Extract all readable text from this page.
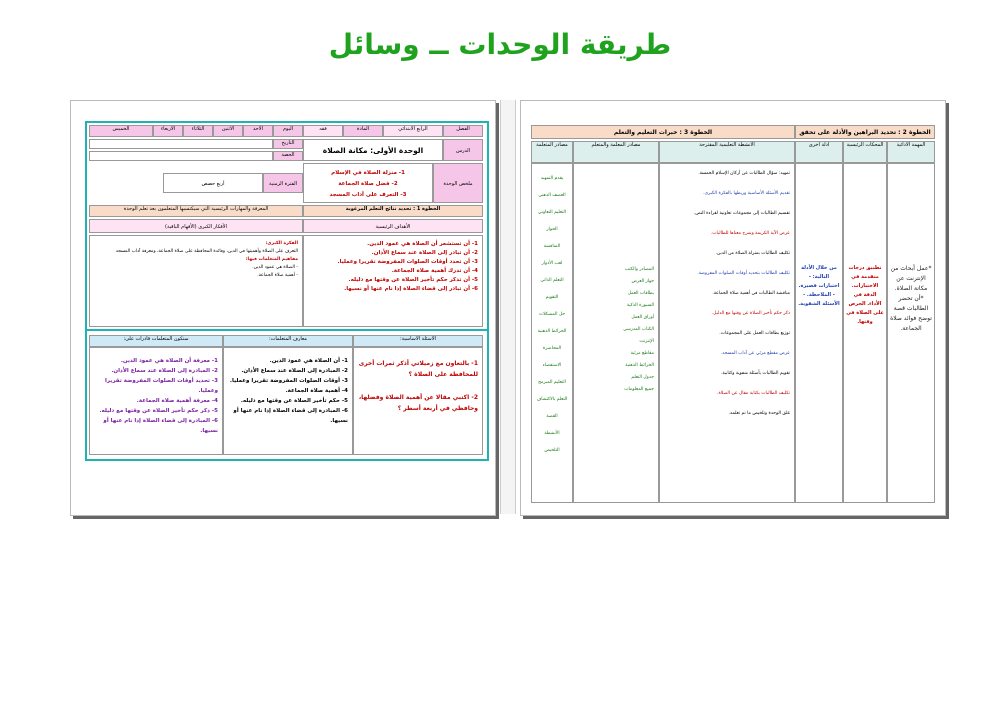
طريقة الوحدات ــ وسائل
الفصل
الرابع الابتدائي
المادة
فقه
اليوم
الأحد
الأثنين
الثلاثاء
الأربعاء
الخميس
الدرس
الوحدة الأولى: مكانة الصلاة
التاريخ
الحصة
ملخص الوحدة
1- منزلة الصلاة في الإسلام
2- فضل صلاة الجماعة
3- التعرف على آداب المسجد
الفترة الزمنية
أربع حصص
الخطوة 1 : تحديد نتائج التعلم المرغوبة
المعرفة والمهارات الرئيسية التي سيكتسبها المتعلمون بعد تعلم الوحدة
الأهداف الرئيسية
الأفكار الكبرى (الأفهام الباقية)
1- أن تستشعر أن الصلاة هي عمود الدين.
2- أن تبادر إلى الصلاة عند سماع الأذان.
3- أن تحدد أوقات الصلوات المفروضة تقريرا وعمليا.
4- أن تدرك أهمية صلاة الجماعة.
5- أن تذكر حكم تأخير الصلاة عن وقتها مع دليله.
6- أن تبادر إلى قضاء الصلاة إذا نام عنها أو نسيها.
الفكرة الكبرى:
التعرف على الصلاة وأهميتها في الدين، وفائدة المحافظة على صلاة الجماعة، ومعرفة آداب المسجد
مفاهيم المتعلمات فيها:
- الصلاة هي عمود الدين.
- أهمية صلاة الجماعة.
الأسئلة الأساسية:
معارف المتعلمات:
ستكون المتعلمات قادرات على:
1- بالتعاون مع زميلاتي أذكر ثمرات أخرى للمحافظة على الصلاة ؟
2- اكتبي مقالا عن أهمية الصلاة وفضلها، وحافظي في أربعة أسطر ؟
1- أن الصلاة هي عمود الدين.
2- المبادرة إلى الصلاة عند سماع الأذان.
3- أوقات الصلوات المفروضة تقريرا وعمليا.
4- أهمية صلاة الجماعة.
5- حكم تأخير الصلاة عن وقتها مع دليله.
6- المبادرة إلى قضاء الصلاة إذا نام عنها أو نسيها.
1- معرفة أن الصلاة هي عمود الدين.
2- المبادرة إلى الصلاة عند سماع الأذان.
3- تحديد أوقات الصلوات المفروضة تقريرا وعمليا.
4- معرفة أهمية صلاة الجماعة.
5- ذكر حكم تأخير الصلاة عن وقتها مع دليله.
6- المبادرة إلى قضاء الصلاة إذا نام عنها أو نسيها.
الخطوة 2 : تحديد البراهين والأدلة على تحقق
الخطوة 3 : خبرات التعليم والتعلم
المهمة الأدائية
المحكات الرئيسية
أدلة أخرى
الأنشطة التعليمية المقترحة
مصادر المعلمة والمتعلم
مصادر المتعلمة
*عمل أبحاث من الإنترنت عن مكانة الصلاة. *أن تحضر الطالبات قصة توضح فوائد صلاة الجماعة.
تطبيق درجات متقدمة في الاختبارات. الدقة في الأداء. الحرص على الصلاة في وقتها.
من خلال الأدلة التالية: - اختبارات قصيرة. - الملاحظة. - الأسئلة الشفوية.
تمهيد: سؤال الطالبات عن أركان الإسلام الخمسة.
تقديم الأسئلة الأساسية وربطها بالفكرة الكبرى.
تقسيم الطالبات إلى مجموعات تعاونية لقراءة النص.
عرض الآية الكريمة وشرح معناها للطالبات.
تكليف الطالبات بمنزلة الصلاة من الدين.
تكليف الطالبات بتحديد أوقات الصلوات المفروضة.
مناقشة الطالبات في أهمية صلاة الجماعة.
ذكر حكم تأخير الصلاة عن وقتها مع الدليل.
توزيع بطاقات العمل على المجموعات.
عرض مقطع مرئي عن آداب المسجد.
تقويم الطالبات بأسئلة شفوية وكتابية.
تكليف الطالبات بكتابة مقال عن الصلاة.
غلق الوحدة وتلخيص ما تم تعلمه.
المصادر والكتب
جهاز العرض
بطاقات العمل
السبورة الذكية
أوراق العمل
الكتاب المدرسي
الإنترنت
مقاطع مرئية
الخرائط الذهنية
جدول التعلم
جميع المعلومات
يقدم التمهيد
العصف الذهني
التعليم التعاوني
الحوار
المناقشة
لعب الأدوار
التعلم الذاتي
التقويم
حل المشكلات
الخرائط الذهنية
المحاضرة
الاستقصاء
التعليم المبرمج
التعلم بالاكتشاف
القصة
الأنشطة
التلخيص
